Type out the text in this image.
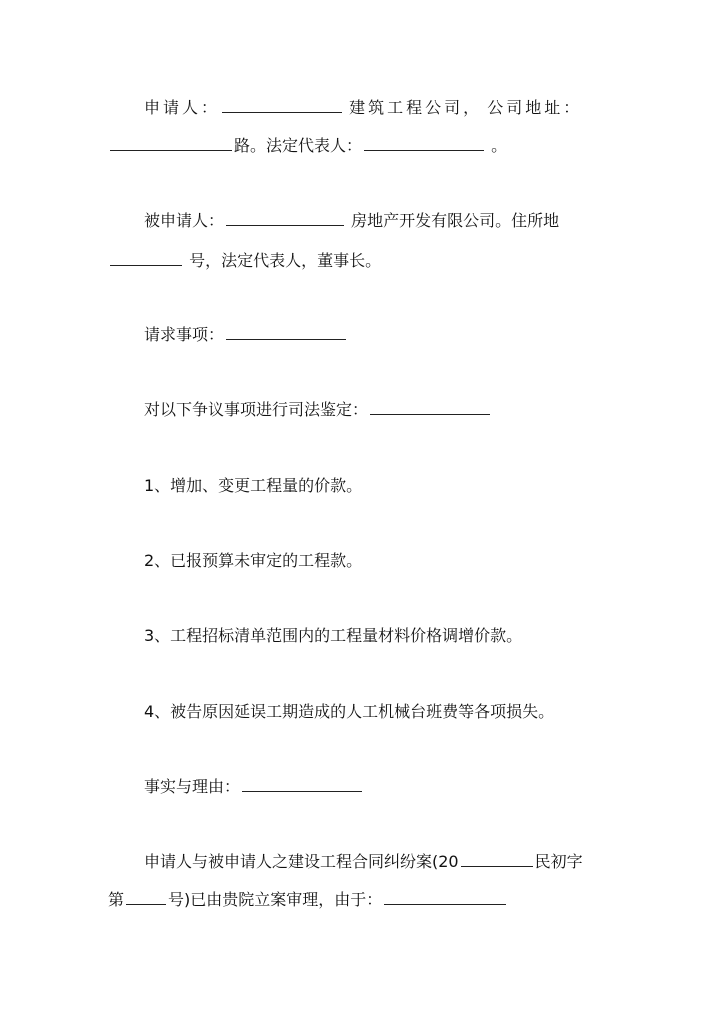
申请人：	建筑工程公司， 公司地址：
路。法定代表人：	。
被申请人：	房地产开发有限公司。住所地
号，法定代表人，董事长。
请求事项：
对以下争议事项进行司法鉴定：
1、增加、变更工程量的价款。
2、已报预算未审定的工程款。
3、工程招标清单范围内的工程量材料价格调增价款。
4、被告原因延误工期造成的人工机械台班费等各项损失。
事实与理由：
申请人与被申请人之建设工程合同纠纷案(20	民初字
第	号)已由贵院立案审理，由于：
